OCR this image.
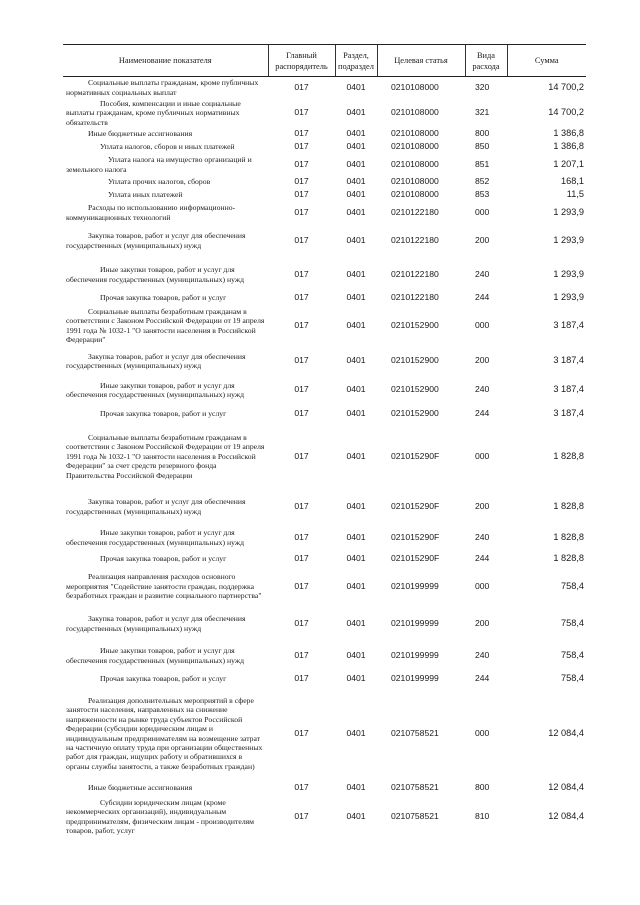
Наименование показателя	Главный распорядитель	Раздел, подраздел	Целевая статья	Вида расхода	Сумма
Социальные выплаты гражданам, кроме публичных нормативных социальных выплат	017	0401	0210108000	320	14 700,2
Пособия, компенсации и иные социальные выплаты гражданам, кроме публичных нормативных обязательств	017	0401	0210108000	321	14 700,2
Иные бюджетные ассигнования	017	0401	0210108000	800	1 386,8
Уплата налогов, сборов и иных платежей	017	0401	0210108000	850	1 386,8
Уплата налога на имущество организаций и земельного налога	017	0401	0210108000	851	1 207,1
Уплата прочих налогов, сборов	017	0401	0210108000	852	168,1
Уплата иных платежей	017	0401	0210108000	853	11,5
Расходы по использованию информационно-коммуникационных технологий	017	0401	0210122180	000	1 293,9
Закупка товаров, работ и услуг для обеспечения государственных (муниципальных) нужд	017	0401	0210122180	200	1 293,9
Иные закупки товаров, работ и услуг для обеспечения государственных (муниципальных) нужд	017	0401	0210122180	240	1 293,9
Прочая закупка товаров, работ и услуг	017	0401	0210122180	244	1 293,9
Социальные выплаты безработным гражданам в соответствии с Законом Российской Федерации от 19 апреля 1991 года № 1032-1 "О занятости населения в Российской Федерации"	017	0401	0210152900	000	3 187,4
Закупка товаров, работ и услуг для обеспечения государственных (муниципальных) нужд	017	0401	0210152900	200	3 187,4
Иные закупки товаров, работ и услуг для обеспечения государственных (муниципальных) нужд	017	0401	0210152900	240	3 187,4
Прочая закупка товаров, работ и услуг	017	0401	0210152900	244	3 187,4
Социальные выплаты безработным гражданам в соответствии с Законом Российской Федерации от 19 апреля 1991 года № 1032-1 "О занятости населения в Российской Федерации" за счет средств резервного фонда Правительства Российской Федерации	017	0401	021015290F	000	1 828,8
Закупка товаров, работ и услуг для обеспечения государственных (муниципальных) нужд	017	0401	021015290F	200	1 828,8
Иные закупки товаров, работ и услуг для обеспечения государственных (муниципальных) нужд	017	0401	021015290F	240	1 828,8
Прочая закупка товаров, работ и услуг	017	0401	021015290F	244	1 828,8
Реализация направления расходов основного мероприятия "Содействие занятости граждан, поддержка безработных граждан и развитие социального партнерства"	017	0401	0210199999	000	758,4
Закупка товаров, работ и услуг для обеспечения государственных (муниципальных) нужд	017	0401	0210199999	200	758,4
Иные закупки товаров, работ и услуг для обеспечения государственных (муниципальных) нужд	017	0401	0210199999	240	758,4
Прочая закупка товаров, работ и услуг	017	0401	0210199999	244	758,4
Реализация дополнительных мероприятий в сфере занятости населения, направленных на снижение напряженности на рынке труда субъектов Российской Федерации (субсидии юридическим лицам и индивидуальным предпринимателям на возмещение затрат на частичную оплату труда при организации общественных работ для граждан, ищущих работу и обратившихся в органы службы занятости, а также безработных граждан)	017	0401	0210758521	000	12 084,4
Иные бюджетные ассигнования	017	0401	0210758521	800	12 084,4
Субсидии юридическим лицам (кроме некоммерческих организаций), индивидуальным предпринимателям, физическим лицам - производителям товаров, работ, услуг	017	0401	0210758521	810	12 084,4
